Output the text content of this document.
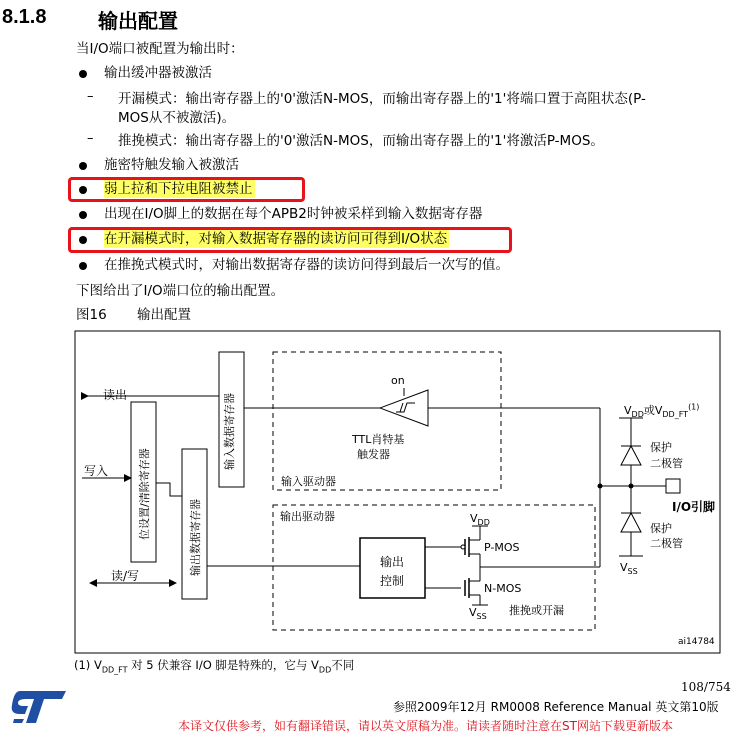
8.1.8	输出配置
当I/O端口被配置为输出时：
输出缓冲器被激活
– 开漏模式：输出寄存器上的'0'激活N-MOS，而输出寄存器上的'1'将端口置于高阻状态(P-
MOS从不被激活)。
– 推挽模式：输出寄存器上的'0'激活N-MOS，而输出寄存器上的'1'将激活P-MOS。
施密特触发输入被激活
弱上拉和下拉电阻被禁止
出现在I/O脚上的数据在每个APB2时钟被采样到输入数据寄存器
在开漏模式时，对输入数据寄存器的读访问可得到I/O状态
在推挽式模式时，对输出数据寄存器的读访问得到最后一次写的值。
下图给出了I/O端口位的输出配置。
图16 输出配置
读出
写入
读/写
输入数据寄存器
位设置/清除寄存器	输出数据寄存器
on
TTL肖特基
触发器
输入驱动器
输出驱动器
输出
控制
$V_{DD}$
P-MOS
N-MOS
$V_{SS}$ 推挽或开漏
$V_{DD}$或$V_{DD\_FT}^{(1)}$
保护
二极管
保护
二极管
$V_{SS}$
I/O引脚
ai14784
(1) $V_{DD\_FT}$ 对 5 伏兼容 I/O 脚是特殊的，它与 $V_{DD}$不同
108/754
参照2009年12月 RM0008 Reference Manual 英文第10版
本译文仅供参考，如有翻译错误，请以英文原稿为准。请读者随时注意在ST网站下载更新版本
